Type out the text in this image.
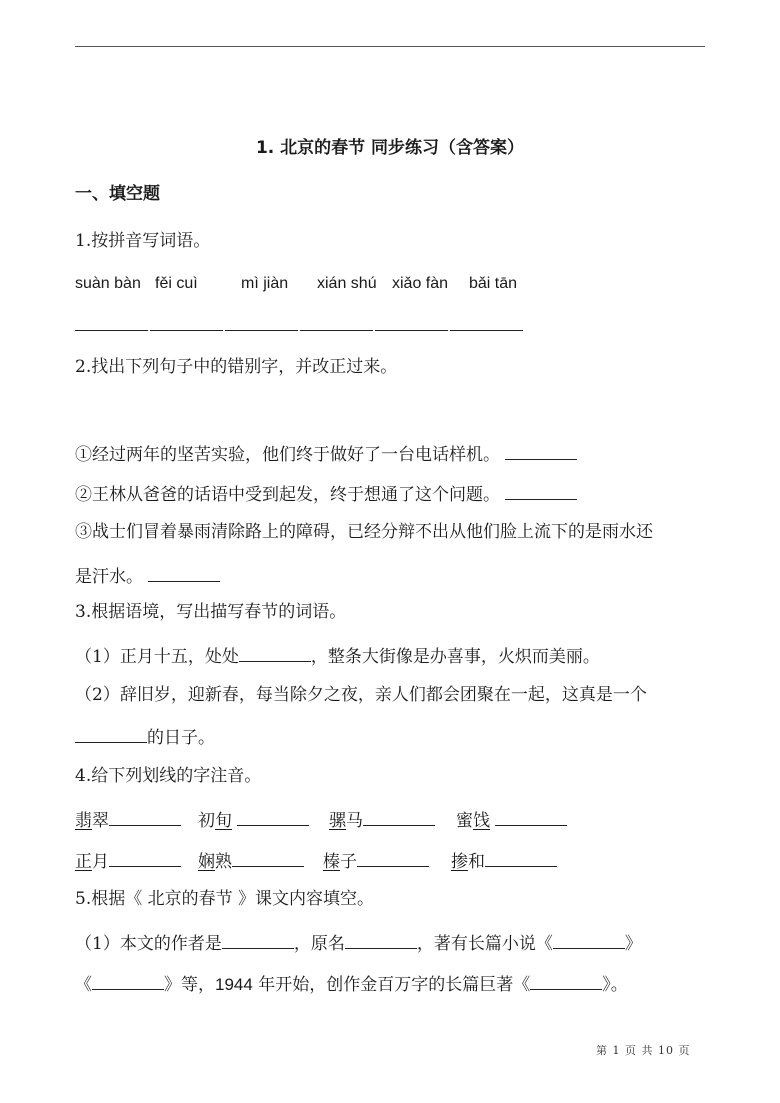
1. 北京的春节 同步练习（含答案）
一、填空题
1.按拼音写词语。
suàn bàn fěi cuì	mì jiàn xián shú xiǎo fàn bǎi tān
2.找出下列句子中的错别字，并改正过来。
①经过两年的坚苦实验，他们终于做好了一台电话样机。
②王林从爸爸的话语中受到起发，终于想通了这个问题。
③战士们冒着暴雨清除路上的障碍，已经分辩不出从他们脸上流下的是雨水还
是汗水。
3.根据语境，写出描写春节的词语。
（1）正月十五，处处	，整条大街像是办喜事，火炽而美丽。
（2）辞旧岁，迎新春，每当除夕之夜，亲人们都会团聚在一起，这真是一个
的日子。
4.给下列划线的字注音。
翡翠	初旬	骡马	蜜饯
正月	娴熟	榛子	掺和
5.根据《 北京的春节 》课文内容填空。
（1）本文的作者是	，原名	，著有长篇小说《	》
《	》等，1944 年开始，创作金百万字的长篇巨著《	》。
第 1 页 共 10 页
